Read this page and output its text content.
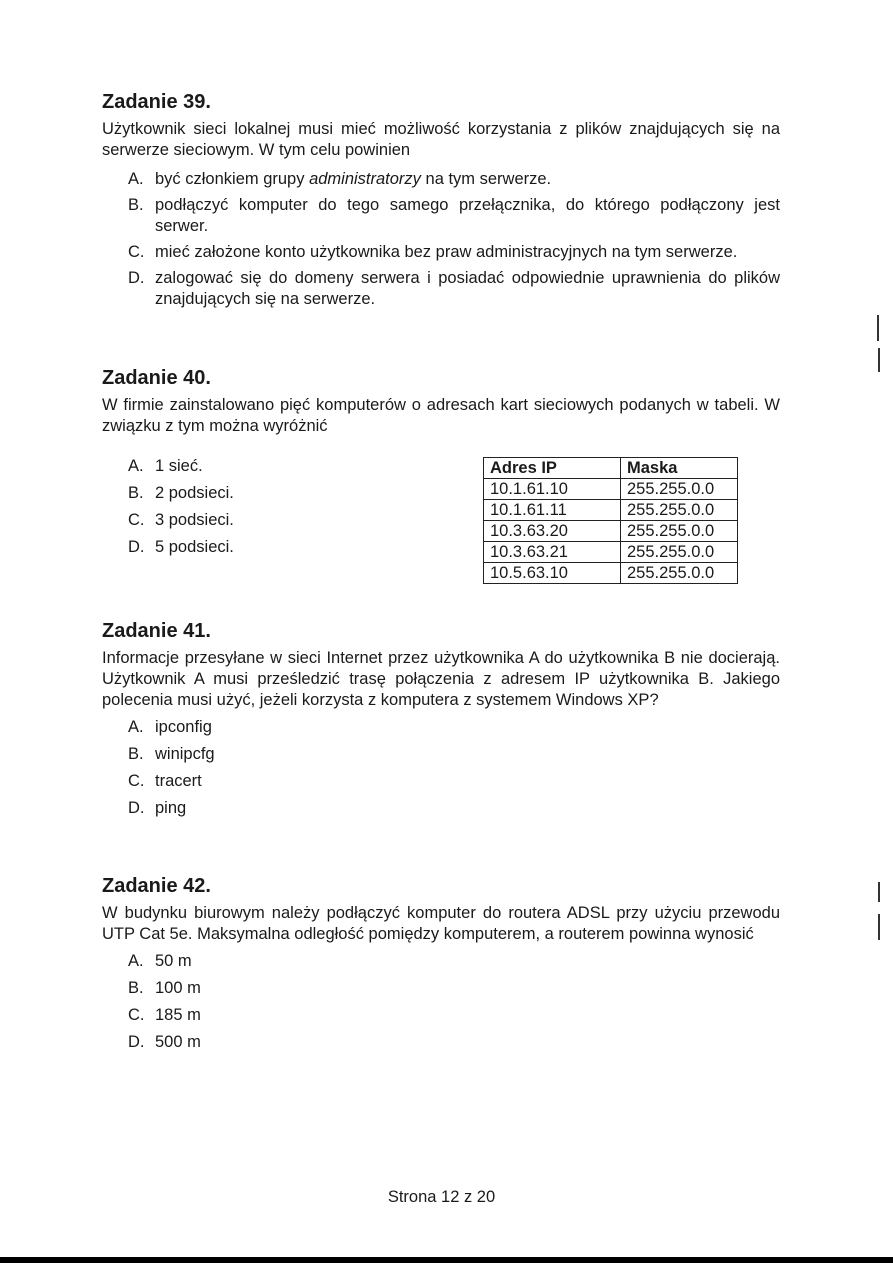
Zadanie 39.

Użytkownik sieci lokalnej musi mieć możliwość korzystania z plików znajdujących się na serwerze sieciowym. W tym celu powinien

A. być członkiem grupy administratorzy na tym serwerze.
B. podłączyć komputer do tego samego przełącznika, do którego podłączony jest serwer.
C. mieć założone konto użytkownika bez praw administracyjnych na tym serwerze.
D. zalogować się do domeny serwera i posiadać odpowiednie uprawnienia do plików znajdujących się na serwerze.
Zadanie 40.

W firmie zainstalowano pięć komputerów o adresach kart sieciowych podanych w tabeli. W związku z tym można wyróżnić

A. 1 sieć.
B. 2 podsieci.
C. 3 podsieci.
D. 5 podsieci.
Adres IP	Maska
10.1.61.10	255.255.0.0
10.1.61.11	255.255.0.0
10.3.63.20	255.255.0.0
10.3.63.21	255.255.0.0
10.5.63.10	255.255.0.0
Zadanie 41.

Informacje przesyłane w sieci Internet przez użytkownika A do użytkownika B nie docierają. Użytkownik A musi prześledzić trasę połączenia z adresem IP użytkownika B. Jakiego polecenia musi użyć, jeżeli korzysta z komputera z systemem Windows XP?

A. ipconfig
B. winipcfg
C. tracert
D. ping
Zadanie 42.

W budynku biurowym należy podłączyć komputer do routera ADSL przy użyciu przewodu UTP Cat 5e. Maksymalna odległość pomiędzy komputerem, a routerem powinna wynosić

A. 50 m
B. 100 m
C. 185 m
D. 500 m
Strona 12 z 20
